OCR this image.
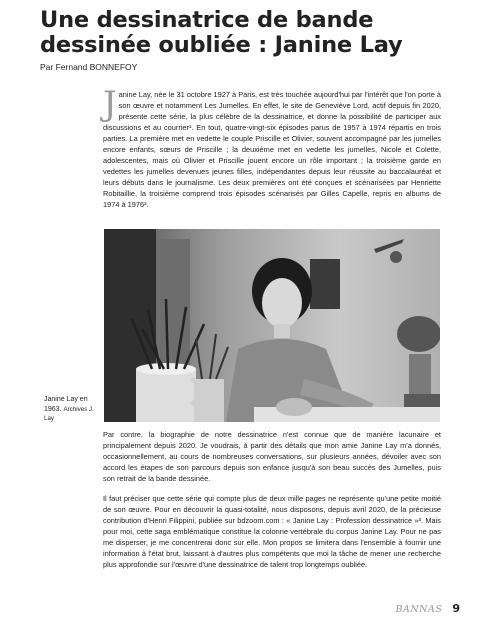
Une dessinatrice de bande dessinée oubliée : Janine Lay
Par Fernand BONNEFOY
Janine Lay, née le 31 octobre 1927 à Paris, est très touchée aujourd'hui par l'intérêt que l'on porte à son œuvre et notamment Les Jumelles. En effet, le site de Geneviève Lord, actif depuis fin 2020, présente cette série, la plus célèbre de la dessinatrice, et donne la possibilité de participer aux discussions et au courrier¹. En tout, quatre-vingt-six épisodes parus de 1957 à 1974 répartis en trois parties. La première met en vedette le couple Priscille et Olivier, souvent accompagné par les jumelles encore enfants, sœurs de Priscille ; la deuxième met en vedette les jumelles, Nicole et Colette, adolescentes, mais où Olivier et Priscille jouent encore un rôle important ; la troisième garde en vedettes les jumelles devenues jeunes filles, indépendantes depuis leur réussite au baccalauréat et leurs débuts dans le journalisme. Les deux premières ont été conçues et scénarisées par Henriette Robitaillie, la troisième comprend trois épisodes scénarisés par Gilles Capelle, repris en albums de 1974 à 1976².
Janine Lay en 1963. Archives J. Lay
Par contre, la biographie de notre dessinatrice n'est connue que de manière lacunaire et principalement depuis 2020. Je voudrais, à partir des détails que mon amie Janine Lay m'a donnés, occasionnellement, au cours de nombreuses conversations, sur plusieurs années, dévoiler avec son accord les étapes de son parcours depuis son enfance jusqu'à son beau succès des Jumelles, puis son retrait de la bande dessinée.
Il faut préciser que cette série qui compte plus de deux mille pages ne représente qu'une petite moitié de son œuvre. Pour en découvrir la quasi-totalité, nous disposons, depuis avril 2020, de la précieuse contribution d'Henri Filippini, publiée sur bdzoom.com : « Janine Lay : Profession dessinatrice »³. Mais pour moi, cette saga emblématique constitue la colonne vertébrale du corpus Janine Lay. Pour ne pas me disperser, je me concentrerai donc sur elle. Mon propos se limitera dans l'ensemble à fournir une information à l'état brut, laissant à d'autres plus compétents que moi la tâche de mener une recherche plus approfondie sur l'œuvre d'une dessinatrice de talent trop longtemps oubliée.
BANNAS 9
